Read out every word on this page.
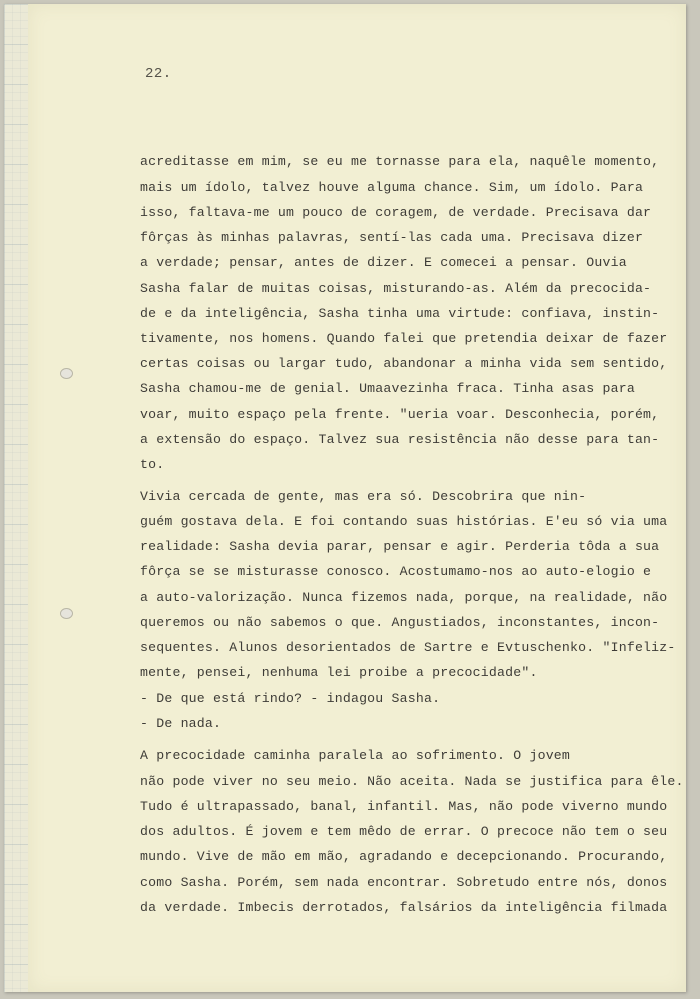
22.
acreditasse em mim, se eu me tornasse para ela, naquêle momento,
mais um ídolo, talvez houve alguma chance. Sim, um ídolo. Para
isso, faltava-me um pouco de coragem, de verdade. Precisava dar
fôrças às minhas palavras, sentí-las cada uma. Precisava dizer
a verdade; pensar, antes de dizer. E comecei a pensar. Ouvia
Sasha falar de muitas coisas, misturando-as. Além da precocida-
de e da inteligência, Sasha tinha uma virtude: confiava, instin-
tivamente, nos homens. Quando falei que pretendia deixar de fazer
certas coisas ou largar tudo, abandonar a minha vida sem sentido,
Sasha chamou-me de genial. Umaavezinha fraca. Tinha asas para
voar, muito espaço pela frente. "ueria voar. Desconhecia, porém,
a extensão do espaço. Talvez sua resistência não desse para tan-
to.
Vivia cercada de gente, mas era só. Descobrira que nin-
guém gostava dela. E foi contando suas histórias. E'eu só via uma
realidade: Sasha devia parar, pensar e agir. Perderia tôda a sua
fôrça se se misturasse conosco. Acostumamo-nos ao auto-elogio e
a auto-valorização. Nunca fizemos nada, porque, na realidade, não
queremos ou não sabemos o que. Angustiados, inconstantes, incon-
sequentes. Alunos desorientados de Sartre e Evtuschenko. "Infeliz-
mente, pensei, nenhuma lei proibe a precocidade".
- De que está rindo? - indagou Sasha.
- De nada.
A precocidade caminha paralela ao sofrimento. O jovem
não pode viver no seu meio. Não aceita. Nada se justifica para êle.
Tudo é ultrapassado, banal, infantil. Mas, não pode viverno mundo
dos adultos. É jovem e tem mêdo de errar. O precoce não tem o seu
mundo. Vive de mão em mão, agradando e decepcionando. Procurando,
como Sasha. Porém, sem nada encontrar. Sobretudo entre nós, donos
da verdade. Imbecis derrotados, falsários da inteligência filmada
